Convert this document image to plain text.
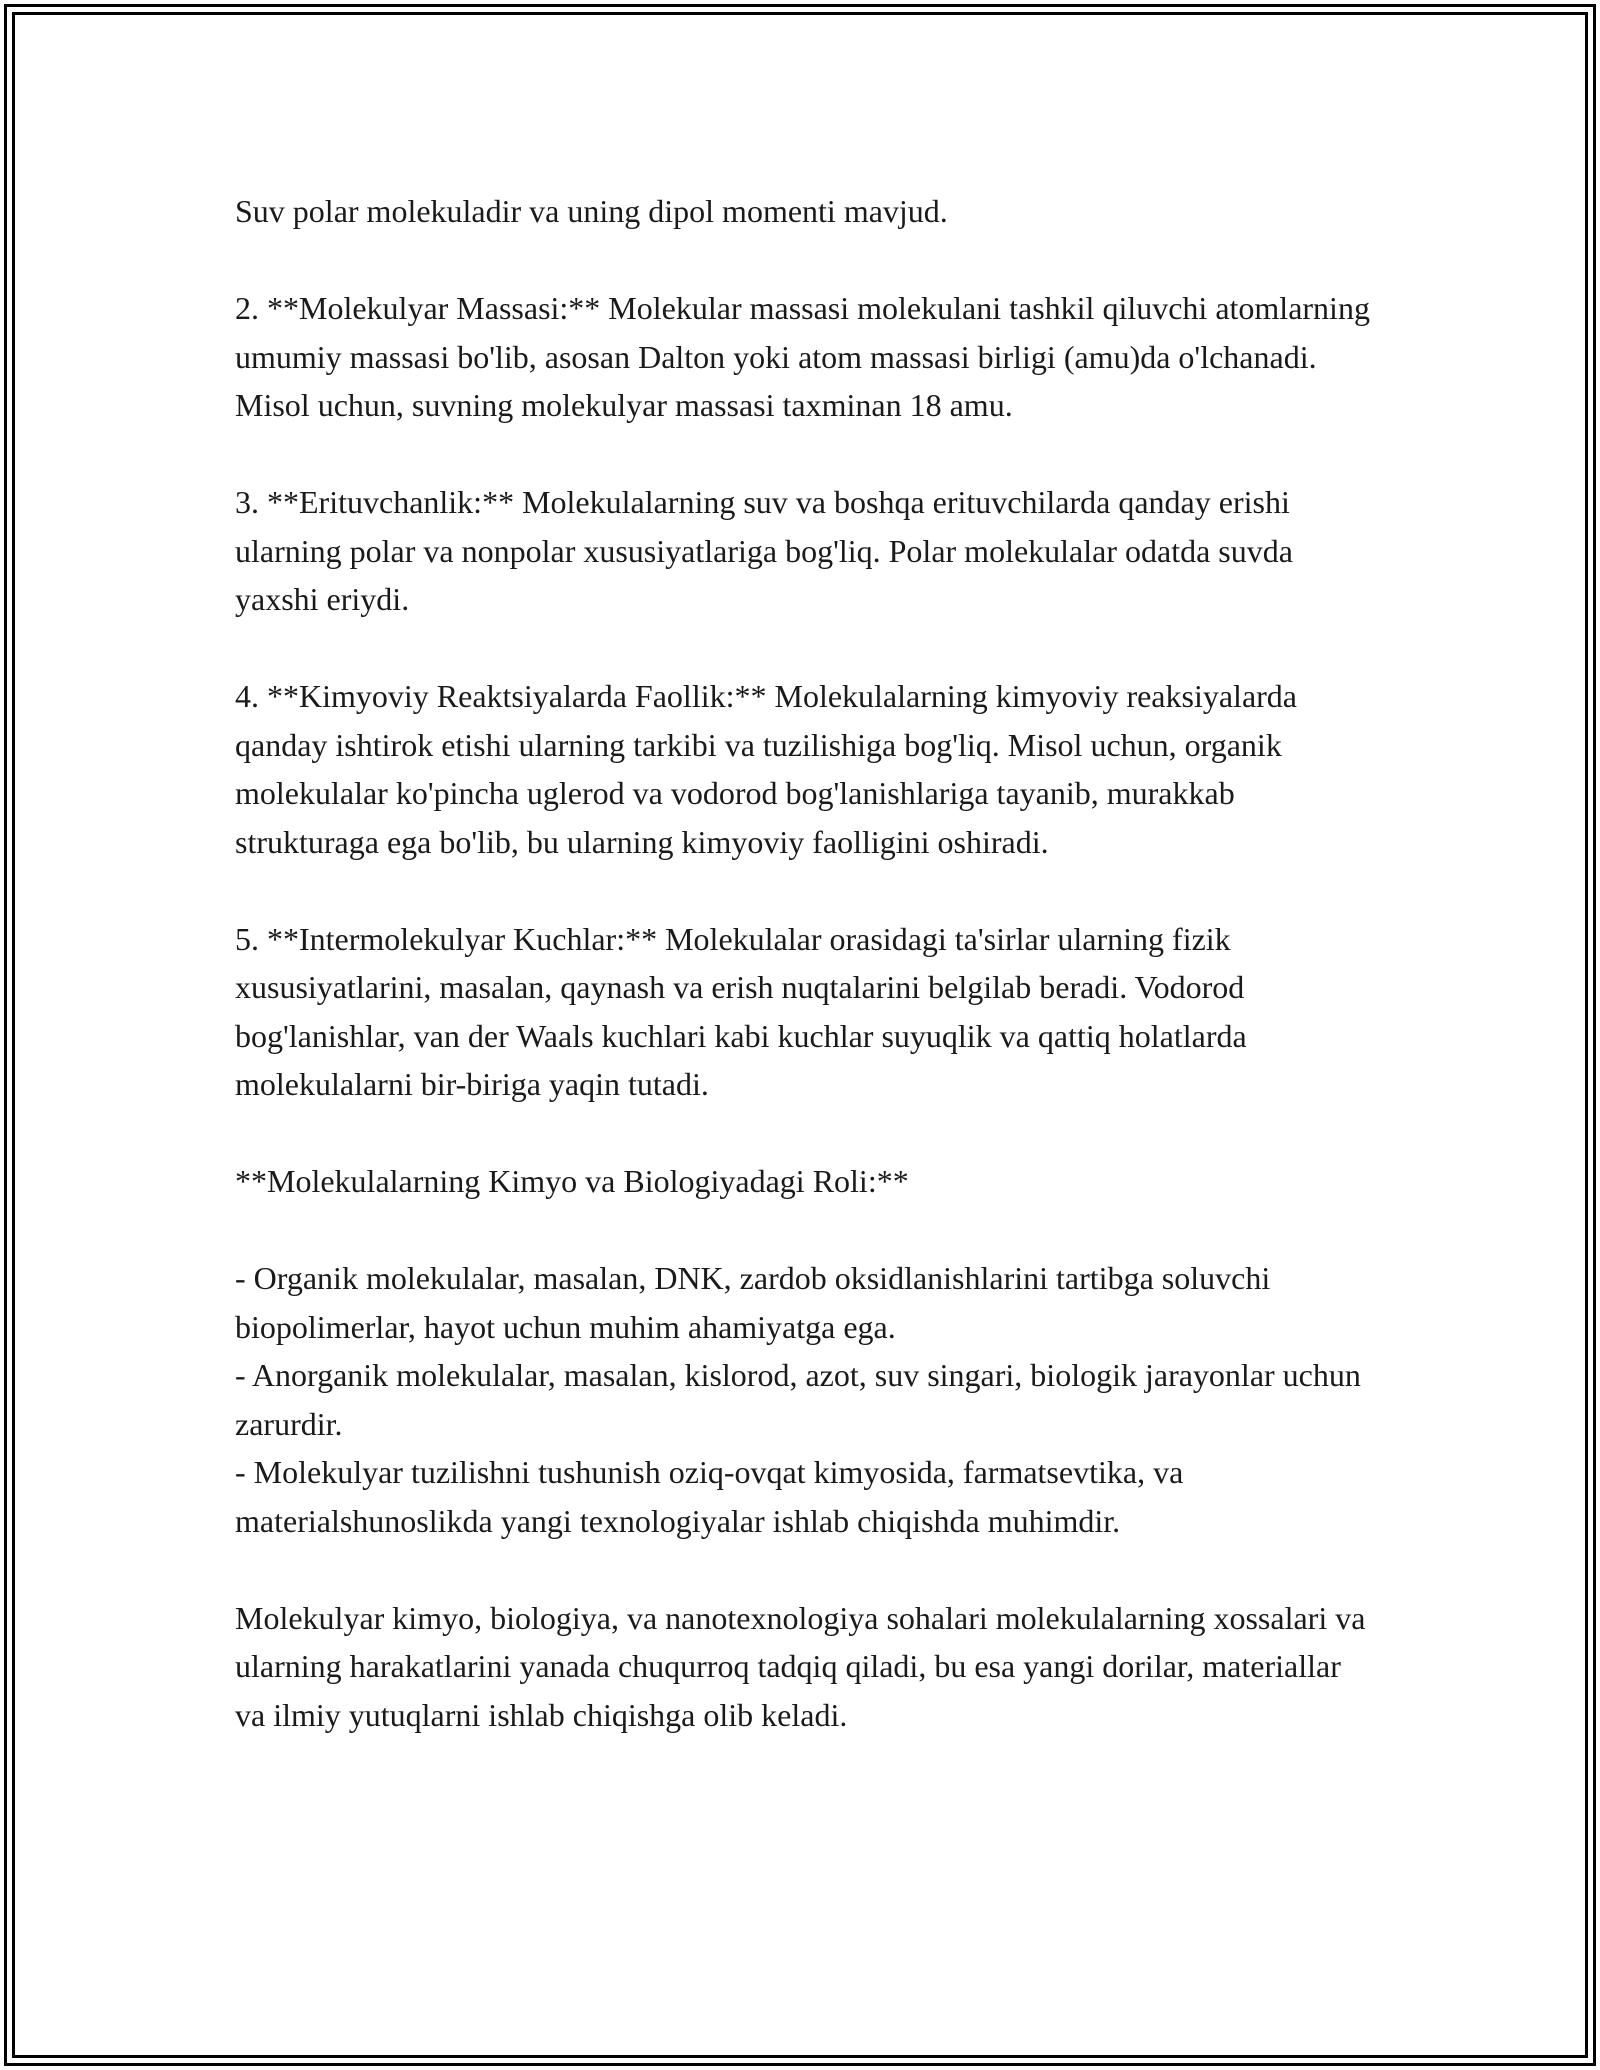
Suv polar molekuladir va uning dipol momenti mavjud.

2. **Molekulyar Massasi:** Molekular massasi molekulani tashkil qiluvchi atomlarning umumiy massasi bo'lib, asosan Dalton yoki atom massasi birligi (amu)da o'lchanadi. Misol uchun, suvning molekulyar massasi taxminan 18 amu.

3. **Erituvchanlik:** Molekulalarning suv va boshqa erituvchilarda qanday erishi ularning polar va nonpolar xususiyatlariga bog'liq. Polar molekulalar odatda suvda yaxshi eriydi.

4. **Kimyoviy Reaktsiyalarda Faollik:** Molekulalarning kimyoviy reaksiyalarda qanday ishtirok etishi ularning tarkibi va tuzilishiga bog'liq. Misol uchun, organik molekulalar ko'pincha uglerod va vodorod bog'lanishlariga tayanib, murakkab strukturaga ega bo'lib, bu ularning kimyoviy faolligini oshiradi.

5. **Intermolekulyar Kuchlar:** Molekulalar orasidagi ta'sirlar ularning fizik xususiyatlarini, masalan, qaynash va erish nuqtalarini belgilab beradi. Vodorod bog'lanishlar, van der Waals kuchlari kabi kuchlar suyuqlik va qattiq holatlarda molekulalarni bir-biriga yaqin tutadi.

**Molekulalarning Kimyo va Biologiyadagi Roli:**

- Organik molekulalar, masalan, DNK, zardob oksidlanishlarini tartibga soluvchi biopolimerlar, hayot uchun muhim ahamiyatga ega.

- Anorganik molekulalar, masalan, kislorod, azot, suv singari, biologik jarayonlar uchun zarurdir.

- Molekulyar tuzilishni tushunish oziq-ovqat kimyosida, farmatsevtika, va materialshunoslikda yangi texnologiyalar ishlab chiqishda muhimdir.

Molekulyar kimyo, biologiya, va nanotexnologiya sohalari molekulalarning xossalari va ularning harakatlarini yanada chuqurroq tadqiq qiladi, bu esa yangi dorilar, materiallar va ilmiy yutuqlarni ishlab chiqishga olib keladi.
